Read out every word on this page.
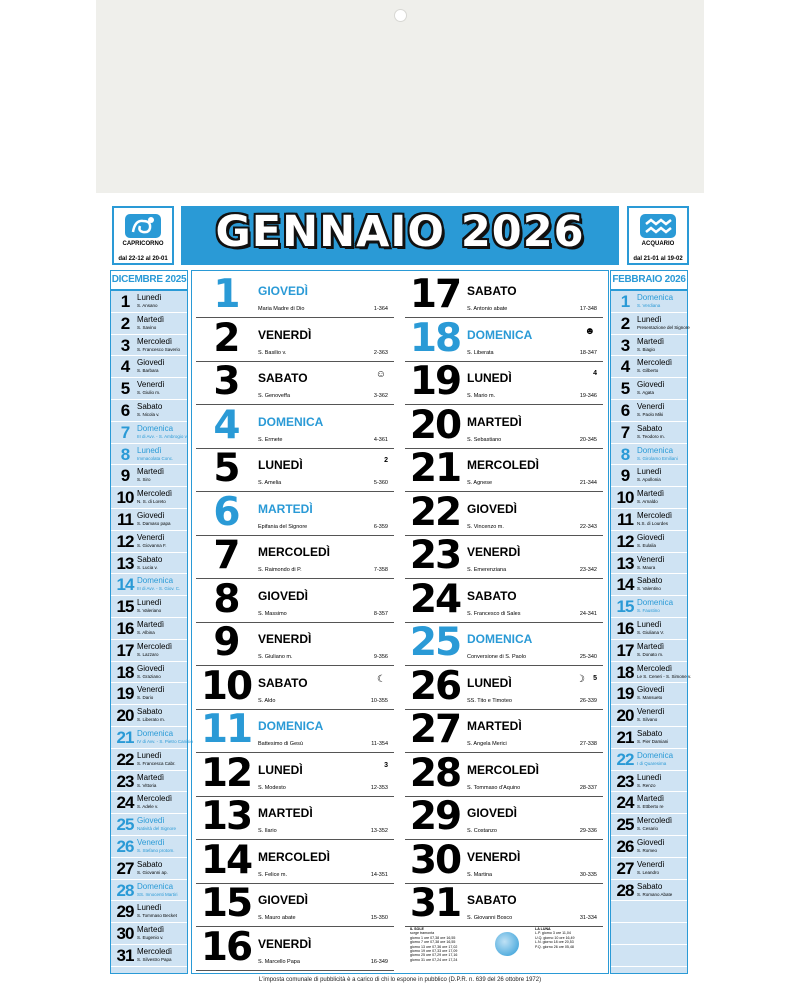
CAPRICORNO
dal 22-12 al 20-01
ACQUARIO
dal 21-01 al 19-02
GENNAIO 2026
DICEMBRE 2025
1 Lunedì
S. Ansano
2 Martedì
S. Savino
3 Mercoledì
S. Francesco Saverio
4 Giovedì
S. Barbara
5 Venerdì
S. Giulio m.
6 Sabato
S. Nicola v.
7 Domenica
III di Avv. - S. Ambrogio v.
8 Lunedì
Immacolata Conc.
9 Martedì
S. Siro
10 Mercoledì
N. S. di Loreto
11 Giovedì
S. Damaso papa
12 Venerdì
S. Giovanna F.
13 Sabato
S. Lucia v.
14 Domenica
III di Avv. - S. Giov. C.
15 Lunedì
S. Valeriano
16 Martedì
S. Albina
17 Mercoledì
S. Lazzaro
18 Giovedì
S. Graziano
19 Venerdì
S. Dario
20 Sabato
S. Liberato m.
21 Domenica
IV di Avv. - S. Pietro Canisio
22 Lunedì
S. Francesca Cabr.
23 Martedì
S. Vittoria
24 Mercoledì
S. Adele v.
25 Giovedì
Natività del Signore
26 Venerdì
S. Stefano protom.
27 Sabato
S. Giovanni ap.
28 Domenica
SS. Innocenti Martiri
29 Lunedì
S. Tommaso Becket
30 Martedì
S. Eugenio v.
31 Mercoledì
S. Silvestro Papa
FEBBRAIO 2026
1 Domenica
S. Verdiana
2 Lunedì
Presentazione del Signore
3 Martedì
S. Biagio
4 Mercoledì
S. Gilberto
5 Giovedì
S. Agata
6 Venerdì
S. Paolo Miki
7 Sabato
S. Teodoro m.
8 Domenica
S. Girolamo Emiliani
9 Lunedì
S. Apollonia
10 Martedì
S. Arnaldo
11 Mercoledì
N.S. di Lourdes
12 Giovedì
S. Eulalia
13 Venerdì
S. Maura
14 Sabato
S. Valentino
15 Domenica
S. Faustino
16 Lunedì
S. Giuliana V.
17 Martedì
S. Donato m.
18 Mercoledì
Le S. Ceneri - S. Simone v.
19 Giovedì
S. Mansueto
20 Venerdì
S. Silvano
21 Sabato
S. Pier Damiani
22 Domenica
I di Quaresima
23 Lunedì
S. Renzo
24 Martedì
S. Ettberto re
25 Mercoledì
S. Cesario
26 Giovedì
S. Romeo
27 Venerdì
S. Leandro
28 Sabato
S. Romano Abate
1	GIOVEDÌ
Maria Madre di Dio	1-364
2	VENERDÌ
S. Basilio v.	2-363
3	SABATO
S. Genoveffa	3-362
☺
4	DOMENICA
S. Ermete	4-361
5	LUNEDÌ
S. Amelia	5-360
2
6	MARTEDÌ
Epifania del Signore	6-359
7	MERCOLEDÌ
S. Raimondo di P.	7-358
8	GIOVEDÌ
S. Massimo	8-357
9	VENERDÌ
S. Giuliano m.	9-356
10 SABATO
S. Aldo	10-355
☾
11 DOMENICA
Battesimo di Gesù	11-354
12 LUNEDÌ
S. Modesto	12-353
3
13 MARTEDÌ
S. Ilario	13-352
14 MERCOLEDÌ
S. Felice m.	14-351
15 GIOVEDÌ
S. Mauro abate	15-350
16 VENERDÌ
S. Marcello Papa	16-349
17 SABATO
S. Antonio abate	17-348
18 DOMENICA
S. Liberata	18-347
☻
19 LUNEDÌ
S. Mario m.	19-346
4
20 MARTEDÌ
S. Sebastiano	20-345
21 MERCOLEDÌ
S. Agnese	21-344
22 GIOVEDÌ
S. Vincenzo m.	22-343
23 VENERDÌ
S. Emerenziana	23-342
24 SABATO
S. Francesco di Sales	24-341
25 DOMENICA
Conversione di S. Paolo	25-340
26 LUNEDÌ
SS. Tito e Timoteo	26-339
☽ 5
27 MARTEDÌ
S. Angela Merici	27-338
28 MERCOLEDÌ
S. Tommaso d'Aquino	28-337
29 GIOVEDÌ
S. Costanzo	29-336
30 VENERDÌ
S. Martina	30-335
31 SABATO
S. Giovanni Bosco	31-334
IL SOLE
sorge tramonta
giorno 1 ore 07,38 ore 16,55
giorno 7 ore 07,38 ore 16,55
giorno 13 ore 07,36 ore 17,02
giorno 19 ore 07,33 ore 17,09
giorno 25 ore 07,29 ore 17,16
giorno 31 ore 07,24 ore 17,24
LA LUNA
L.P. giorno 3 ore 11,04
U.Q. giorno 10 ore 16,49
L.N. giorno 18 ore 20,53
P.Q. giorno 26 ore 05,48
L'imposta comunale di pubblicità è a carico di chi lo espone in pubblico (D.P.R. n. 639 del 26 ottobre 1972)
